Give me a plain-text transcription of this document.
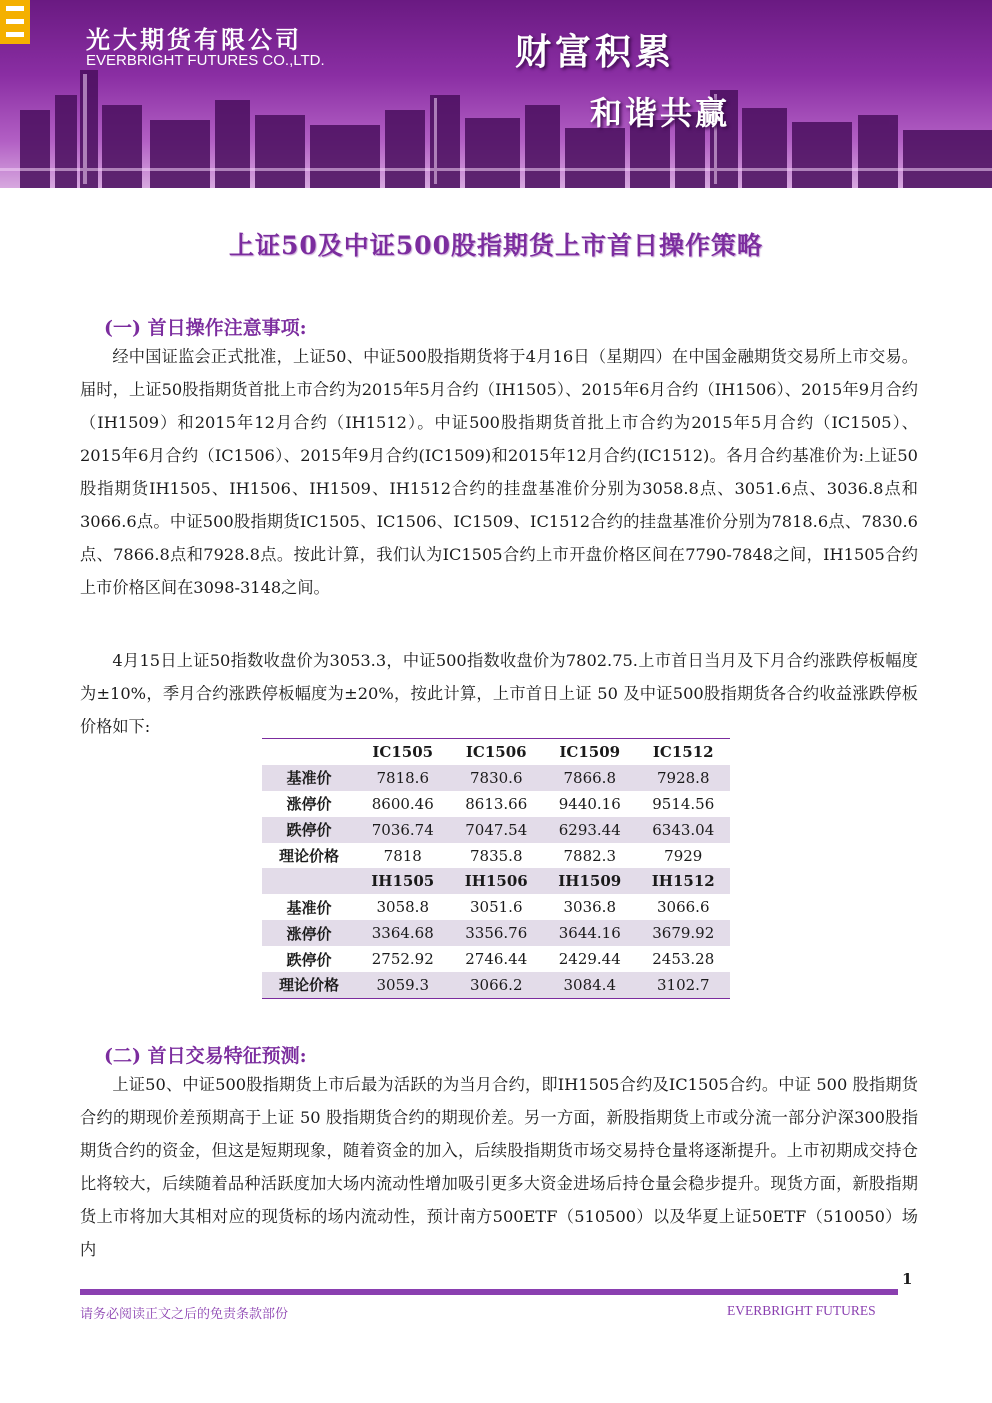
光大期货有限公司
EVERBRIGHT FUTURES CO.,LTD.	财富积累
和谐共赢
上证50及中证500股指期货上市首日操作策略
(一) 首日操作注意事项:

经中国证监会正式批准，上证50、中证500股指期货将于4月16日（星期四）在中国金融期货交易所上市交易。届时，上证50股指期货首批上市合约为2015年5月合约（IH1505）、2015年6月合约（IH1506）、2015年9月合约（IH1509）和2015年12月合约（IH1512）。中证500股指期货首批上市合约为2015年5月合约（IC1505）、2015年6月合约（IC1506）、2015年9月合约(IC1509)和2015年12月合约(IC1512)。各月合约基准价为:上证50股指期货IH1505、IH1506、IH1509、IH1512合约的挂盘基准价分别为3058.8点、3051.6点、3036.8点和3066.6点。中证500股指期货IC1505、IC1506、IC1509、IC1512合约的挂盘基准价分别为7818.6点、7830.6点、7866.8点和7928.8点。按此计算，我们认为IC1505合约上市开盘价格区间在7790-7848之间，IH1505合约上市价格区间在3098-3148之间。

4月15日上证50指数收盘价为3053.3，中证500指数收盘价为7802.75.上市首日当月及下月合约涨跌停板幅度为±10%，季月合约涨跌停板幅度为±20%，按此计算，上市首日上证 50 及中证500股指期货各合约收益涨跌停板价格如下:

	IC1505	IC1506	IC1509	IC1512
基准价	7818.6	7830.6	7866.8	7928.8
涨停价	8600.46	8613.66	9440.16	9514.56
跌停价	7036.74	7047.54	6293.44	6343.04
理论价格	7818	7835.8	7882.3	7929
	IH1505	IH1506	IH1509	IH1512
基准价	3058.8	3051.6	3036.8	3066.6
涨停价	3364.68	3356.76	3644.16	3679.92
跌停价	2752.92	2746.44	2429.44	2453.28
理论价格	3059.3	3066.2	3084.4	3102.7
(二) 首日交易特征预测:

上证50、中证500股指期货上市后最为活跃的为当月合约，即IH1505合约及IC1505合约。中证 500 股指期货合约的期现价差预期高于上证 50 股指期货合约的期现价差。另一方面，新股指期货上市或分流一部分沪深300股指期货合约的资金，但这是短期现象，随着资金的加入，后续股指期货市场交易持仓量将逐渐提升。上市初期成交持仓比将较大，后续随着品种活跃度加大场内流动性增加吸引更多大资金进场后持仓量会稳步提升。现货方面，新股指期货上市将加大其相对应的现货标的场内流动性，预计南方500ETF（510500）以及华夏上证50ETF（510050）场内

1
请务必阅读正文之后的免责条款部份	EVERBRIGHT FUTURES
